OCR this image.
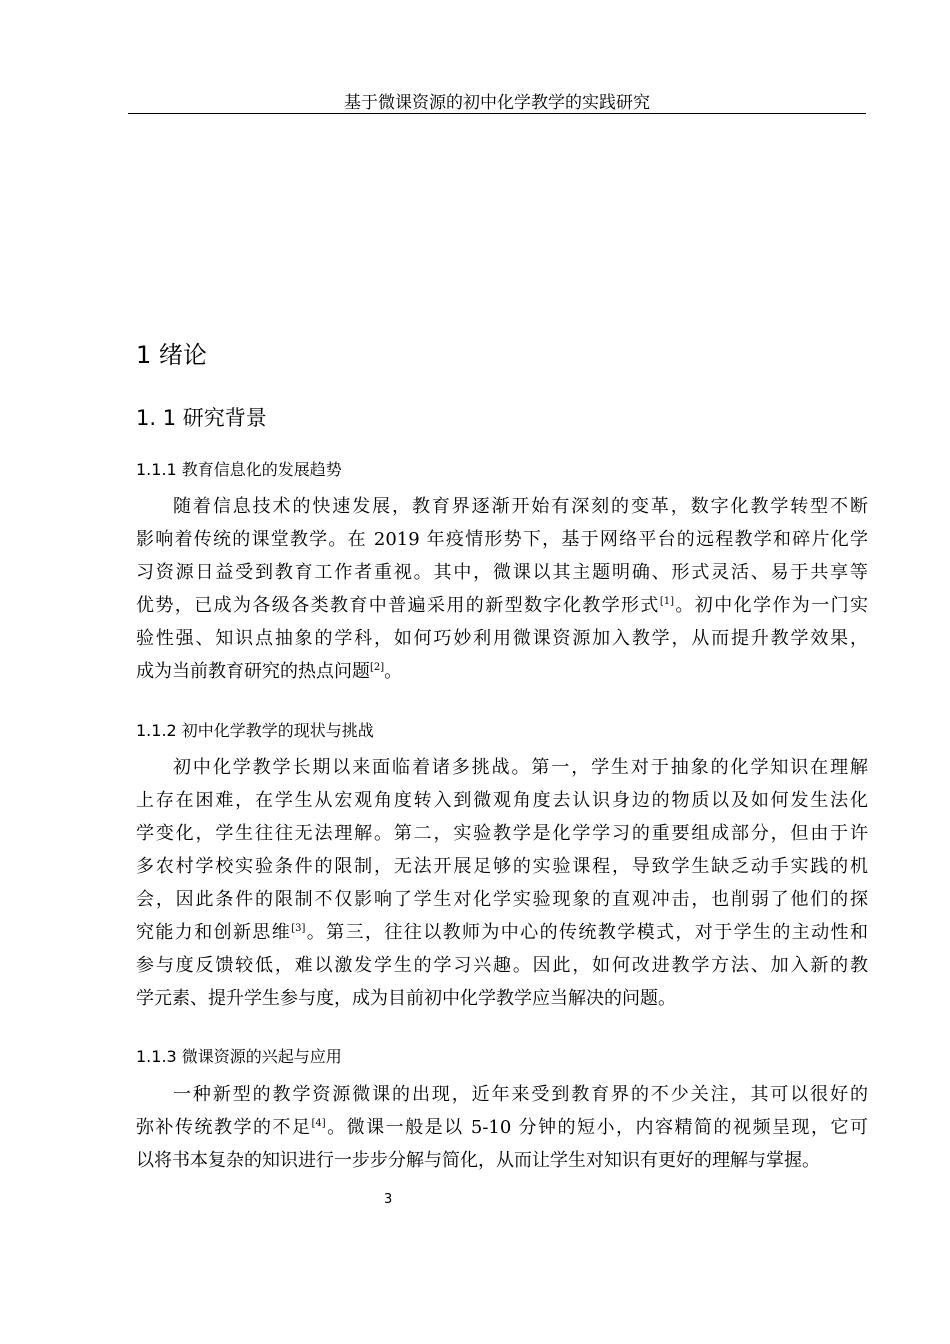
基于微课资源的初中化学教学的实践研究
1 绪论
1. 1 研究背景
1.1.1 教育信息化的发展趋势
随着信息技术的快速发展，教育界逐渐开始有深刻的变革，数字化教学转型不断
影响着传统的课堂教学。在 2019 年疫情形势下，基于网络平台的远程教学和碎片化学
习资源日益受到教育工作者重视。其中，微课以其主题明确、形式灵活、易于共享等
优势，已成为各级各类教育中普遍采用的新型数字化教学形式[1]。初中化学作为一门实
验性强、知识点抽象的学科，如何巧妙利用微课资源加入教学，从而提升教学效果，
成为当前教育研究的热点问题[2]。
1.1.2 初中化学教学的现状与挑战
初中化学教学长期以来面临着诸多挑战。第一，学生对于抽象的化学知识在理解
上存在困难，在学生从宏观角度转入到微观角度去认识身边的物质以及如何发生法化
学变化，学生往往无法理解。第二，实验教学是化学学习的重要组成部分，但由于许
多农村学校实验条件的限制，无法开展足够的实验课程，导致学生缺乏动手实践的机
会，因此条件的限制不仅影响了学生对化学实验现象的直观冲击，也削弱了他们的探
究能力和创新思维[3]。第三，往往以教师为中心的传统教学模式，对于学生的主动性和
参与度反馈较低，难以激发学生的学习兴趣。因此，如何改进教学方法、加入新的教
学元素、提升学生参与度，成为目前初中化学教学应当解决的问题。
1.1.3 微课资源的兴起与应用
一种新型的教学资源微课的出现，近年来受到教育界的不少关注，其可以很好的
弥补传统教学的不足[4]。微课一般是以 5-10 分钟的短小，内容精简的视频呈现，它可
以将书本复杂的知识进行一步步分解与简化，从而让学生对知识有更好的理解与掌握。
3
